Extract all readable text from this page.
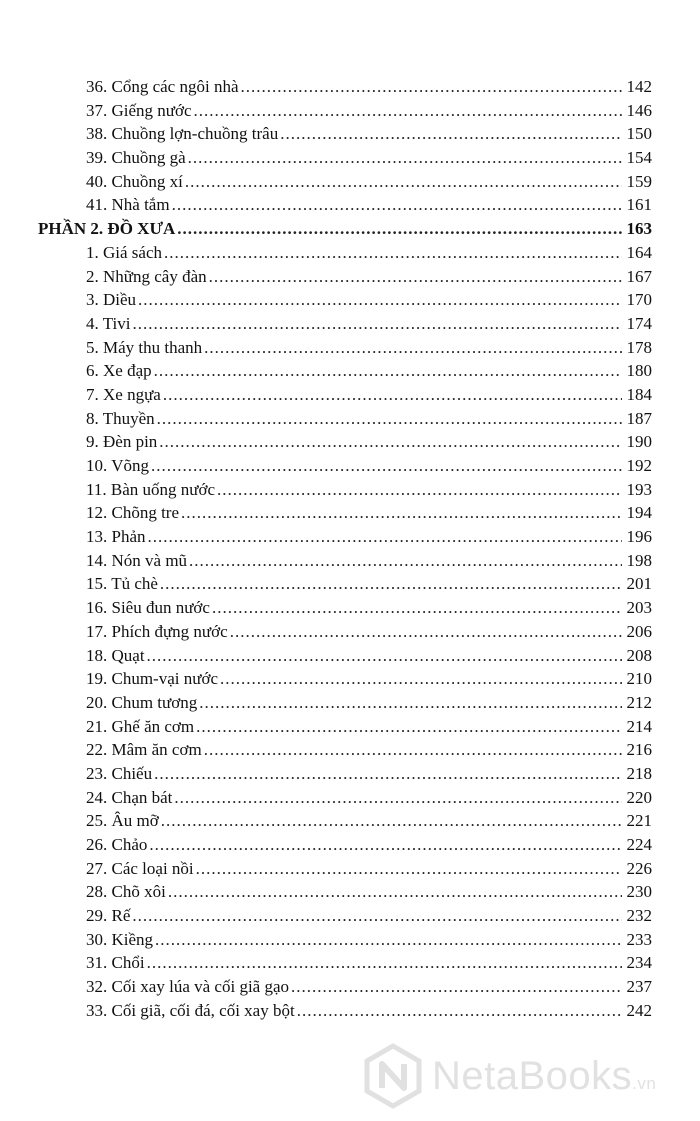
36. Cổng các ngôi nhà .....	142
37. Giếng nước .....	146
38. Chuồng lợn-chuồng trâu .....	150
39. Chuồng gà .....	154
40. Chuồng xí .....	159
41. Nhà tắm .....	161
PHẦN 2. ĐỒ XƯA .....	163
1. Giá sách .....	164
2. Những cây đàn .....	167
3. Diều .....	170
4. Tivi .....	174
5. Máy thu thanh .....	178
6. Xe đạp .....	180
7. Xe ngựa .....	184
8. Thuyền .....	187
9. Đèn pin .....	190
10. Võng .....	192
11. Bàn uống nước .....	193
12. Chõng tre .....	194
13. Phản .....	196
14. Nón và mũ .....	198
15. Tủ chè .....	201
16. Siêu đun nước .....	203
17. Phích đựng nước .....	206
18. Quạt .....	208
19. Chum-vại nước .....	210
20. Chum tương .....	212
21. Ghế ăn cơm .....	214
22. Mâm ăn cơm .....	216
23. Chiếu .....	218
24. Chạn bát .....	220
25. Âu mỡ .....	221
26. Chảo .....	224
27. Các loại nồi .....	226
28. Chõ xôi .....	230
29. Rế .....	232
30. Kiềng .....	233
31. Chổi .....	234
32. Cối xay lúa và cối giã gạo .....	237
33. Cối giã, cối đá, cối xay bột .....	242
NetaBooks.vn
